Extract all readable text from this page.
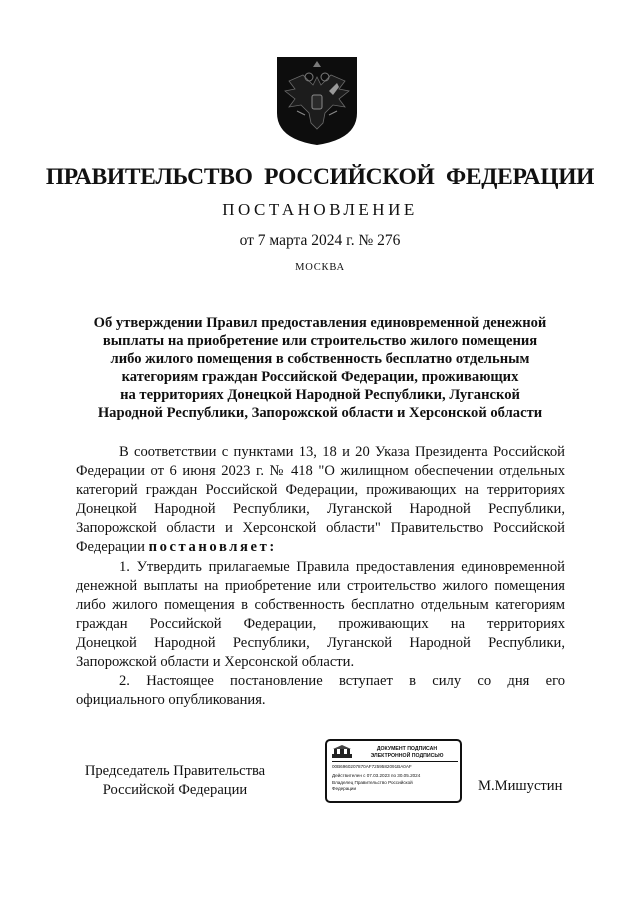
ПРАВИТЕЛЬСТВО РОССИЙСКОЙ ФЕДЕРАЦИИ
ПОСТАНОВЛЕНИЕ
от 7 марта 2024 г. № 276
МОСКВА
Об утверждении Правил предоставления единовременной денежной
выплаты на приобретение или строительство жилого помещения
либо жилого помещения в собственность бесплатно отдельным
категориям граждан Российской Федерации, проживающих
на территориях Донецкой Народной Республики, Луганской
Народной Республики, Запорожской области и Херсонской области
В соответствии с пунктами 13, 18 и 20 Указа Президента Российской
Федерации от 6 июня 2023 г. № 418 "О жилищном обеспечении отдельных
категорий граждан Российской Федерации, проживающих на территориях
Донецкой Народной Республики, Луганской Народной Республики,
Запорожской области и Херсонской области" Правительство Российской
Федерации постановляет:
1. Утвердить прилагаемые Правила предоставления единовременной
денежной выплаты на приобретение или строительство жилого помещения
либо жилого помещения в собственность бесплатно отдельным категориям
граждан Российской Федерации, проживающих на территориях
Донецкой Народной Республики, Луганской Народной Республики,
Запорожской области и Херсонской области.
2. Настоящее постановление вступает в силу со дня его
официального опубликования.
Председатель Правительства
Российской Федерации
ДОКУМЕНТ ПОДПИСАН
ЭЛЕКТРОННОЙ ПОДПИСЬЮ
00B6960207870AF7259582091BA0AF
Действителен с 07.03.2023 по 30.05.2024
Владелец Правительство Российской
Федерации	М.Мишустин
